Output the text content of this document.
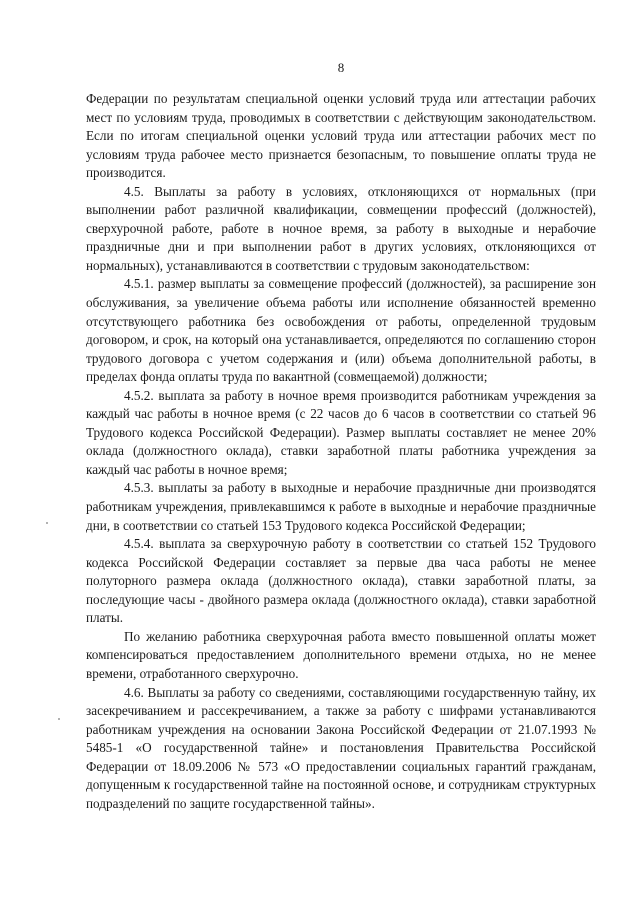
8

Федерации по результатам специальной оценки условий труда или аттестации рабочих мест по условиям труда, проводимых в соответствии с действующим законодательством. Если по итогам специальной оценки условий труда или аттестации рабочих мест по условиям труда рабочее место признается безопасным, то повышение оплаты труда не производится.

4.5. Выплаты за работу в условиях, отклоняющихся от нормальных (при выполнении работ различной квалификации, совмещении профессий (должностей), сверхурочной работе, работе в ночное время, за работу в выходные и нерабочие праздничные дни и при выполнении работ в других условиях, отклоняющихся от нормальных), устанавливаются в соответствии с трудовым законодательством:

4.5.1. размер выплаты за совмещение профессий (должностей), за расширение зон обслуживания, за увеличение объема работы или исполнение обязанностей временно отсутствующего работника без освобождения от работы, определенной трудовым договором, и срок, на который она устанавливается, определяются по соглашению сторон трудового договора с учетом содержания и (или) объема дополнительной работы, в пределах фонда оплаты труда по вакантной (совмещаемой) должности;

4.5.2. выплата за работу в ночное время производится работникам учреждения за каждый час работы в ночное время (с 22 часов до 6 часов в соответствии со статьей 96 Трудового кодекса Российской Федерации). Размер выплаты составляет не менее 20% оклада (должностного оклада), ставки заработной платы работника учреждения за каждый час работы в ночное время;

4.5.3. выплаты за работу в выходные и нерабочие праздничные дни производятся работникам учреждения, привлекавшимся к работе в выходные и нерабочие праздничные дни, в соответствии со статьей 153 Трудового кодекса Российской Федерации;

4.5.4. выплата за сверхурочную работу в соответствии со статьей 152 Трудового кодекса Российской Федерации составляет за первые два часа работы не менее полуторного размера оклада (должностного оклада), ставки заработной платы, за последующие часы - двойного размера оклада (должностного оклада), ставки заработной платы.

По желанию работника сверхурочная работа вместо повышенной оплаты может компенсироваться предоставлением дополнительного времени отдыха, но не менее времени, отработанного сверхурочно.

4.6. Выплаты за работу со сведениями, составляющими государственную тайну, их засекречиванием и рассекречиванием, а также за работу с шифрами устанавливаются работникам учреждения на основании Закона Российской Федерации от 21.07.1993 № 5485-1 «О государственной тайне» и постановления Правительства Российской Федерации от 18.09.2006 № 573 «О предоставлении социальных гарантий гражданам, допущенным к государственной тайне на постоянной основе, и сотрудникам структурных подразделений по защите государственной тайны».
